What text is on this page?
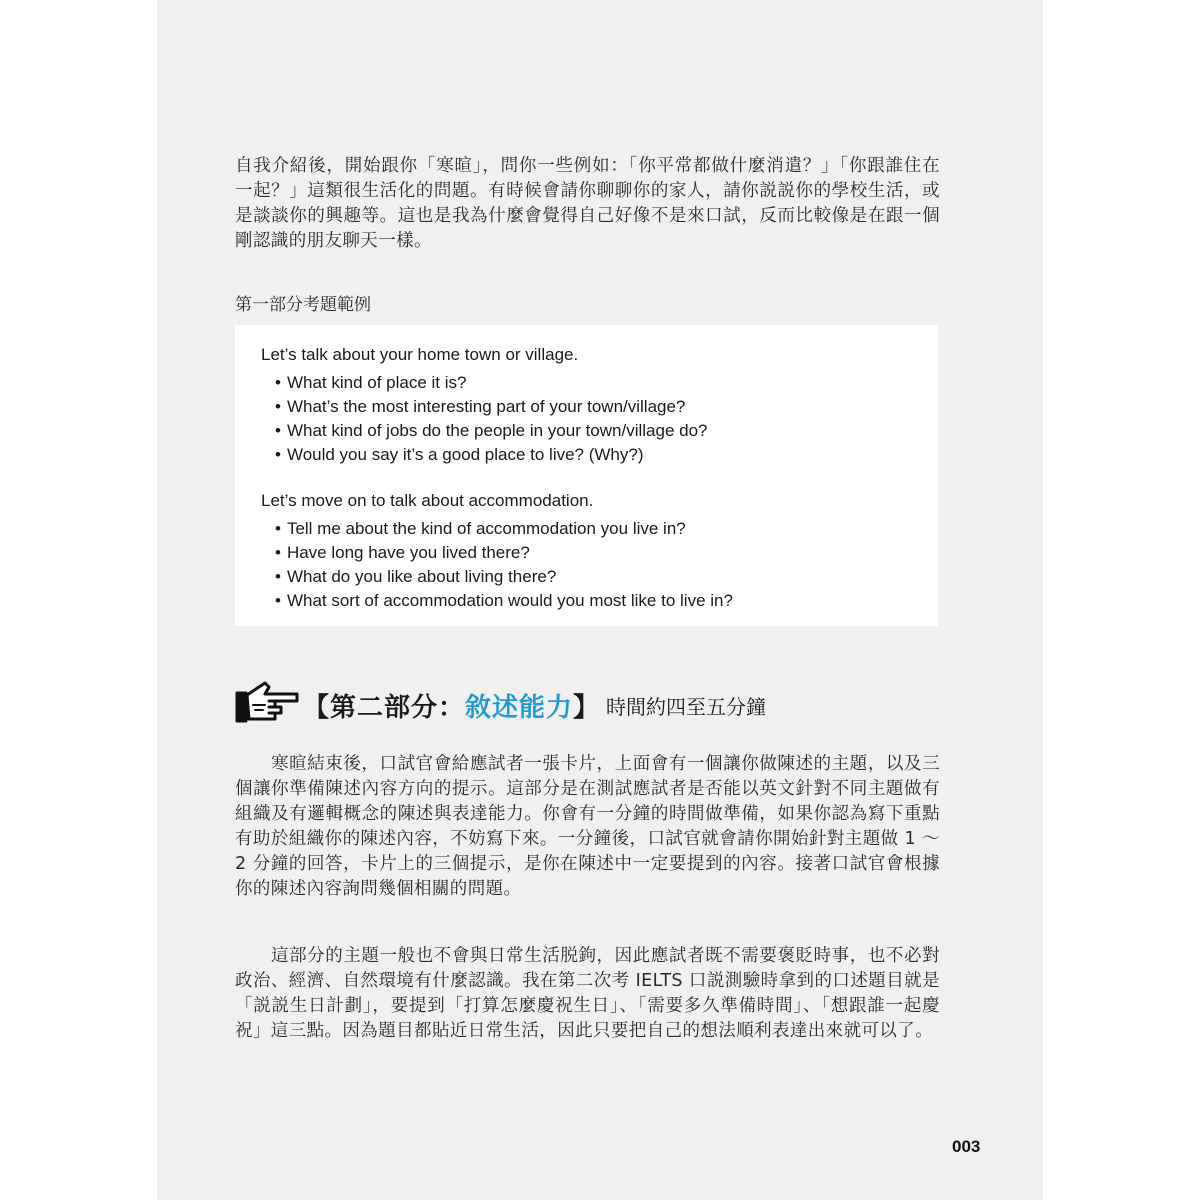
自我介紹後，開始跟你「寒暄」，問你一些例如：「你平常都做什麼消遣？」「你跟誰住在一起？」這類很生活化的問題。有時候會請你聊聊你的家人，請你説説你的學校生活，或是談談你的興趣等。這也是我為什麼會覺得自己好像不是來口試，反而比較像是在跟一個剛認識的朋友聊天一樣。
第一部分考題範例
Let’s talk about your home town or village.
• What kind of place it is?
• What’s the most interesting part of your town/village?
• What kind of jobs do the people in your town/village do?
• Would you say it’s a good place to live? (Why?)
Let’s move on to talk about accommodation.
• Tell me about the kind of accommodation you live in?
• Have long have you lived there?
• What do you like about living there?
• What sort of accommodation would you most like to live in?
【第二部分：敘述能力】 時間約四至五分鐘
寒暄結束後，口試官會給應試者一張卡片，上面會有一個讓你做陳述的主題，以及三個讓你準備陳述內容方向的提示。這部分是在測試應試者是否能以英文針對不同主題做有組織及有邏輯概念的陳述與表達能力。你會有一分鐘的時間做準備，如果你認為寫下重點有助於組織你的陳述內容，不妨寫下來。一分鐘後，口試官就會請你開始針對主題做 1 ～ 2 分鐘的回答，卡片上的三個提示，是你在陳述中一定要提到的內容。接著口試官會根據你的陳述內容詢問幾個相關的問題。
這部分的主題一般也不會與日常生活脱鉤，因此應試者既不需要褒貶時事，也不必對政治、經濟、自然環境有什麼認識。我在第二次考 IELTS 口説測驗時拿到的口述題目就是「説説生日計劃」，要提到「打算怎麼慶祝生日」、「需要多久準備時間」、「想跟誰一起慶祝」這三點。因為題目都貼近日常生活，因此只要把自己的想法順利表達出來就可以了。
003
